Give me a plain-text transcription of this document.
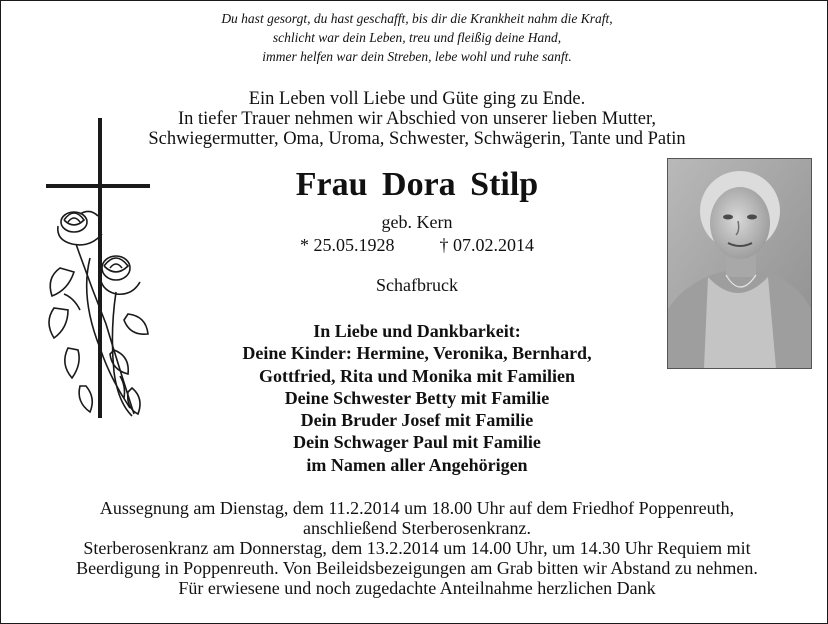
Du hast gesorgt, du hast geschafft, bis dir die Krankheit nahm die Kraft,
schlicht war dein Leben, treu und fleißig deine Hand,
immer helfen war dein Streben, lebe wohl und ruhe sanft.
Ein Leben voll Liebe und Güte ging zu Ende.
In tiefer Trauer nehmen wir Abschied von unserer lieben Mutter,
Schwiegermutter, Oma, Uroma, Schwester, Schwägerin, Tante und Patin
Frau Dora Stilp
geb. Kern
* 25.05.1928	† 07.02.2014
Schafbruck
In Liebe und Dankbarkeit:
Deine Kinder: Hermine, Veronika, Bernhard,
Gottfried, Rita und Monika mit Familien
Deine Schwester Betty mit Familie
Dein Bruder Josef mit Familie
Dein Schwager Paul mit Familie
im Namen aller Angehörigen
Aussegnung am Dienstag, dem 11.2.2014 um 18.00 Uhr auf dem Friedhof Poppenreuth,
anschließend Sterberosenkranz.
Sterberosenkranz am Donnerstag, dem 13.2.2014 um 14.00 Uhr, um 14.30 Uhr Requiem mit
Beerdigung in Poppenreuth. Von Beileidsbezeigungen am Grab bitten wir Abstand zu nehmen.
Für erwiesene und noch zugedachte Anteilnahme herzlichen Dank
